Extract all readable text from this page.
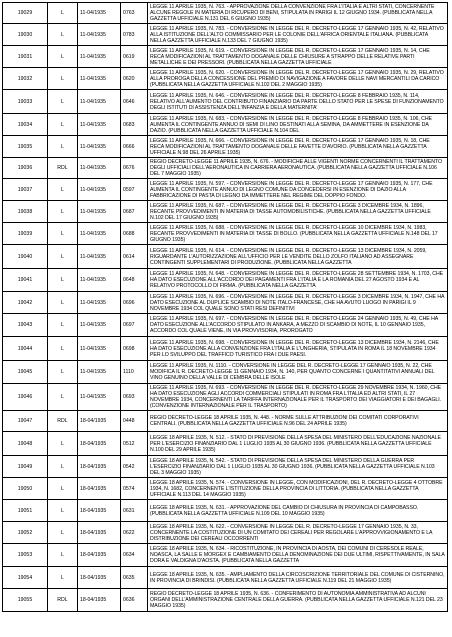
19029	L	11-04/1935	0763	LEGGE 11 APRILE 1935, N. 763. - APPROVAZIONE DELLA CONVENZIONE FRA L'ITALIA E ALTRI STATI, CONCERNENTE ALCUNE REGOLE IN MATERIA DI RICUPERO DI BENI, STIPULATA IN PARIGI IL 12 GIUGNO 1934. (PUBBLICATA NELLA GAZZETTA UFFICIALE N.131 DEL 6 GIUGNO 1935)
19030	L	11-04/1935	0783	LEGGE 11 APRILE 1935, N. 783. - CONVERSIONE IN LEGGE DEL R. DECRETO-LEGGE 17 GENNAIO 1935, N. 42, RELATIVO ALLA ISTITUZIONE DELL'ALTO COMMISSARIO PER LE COLONIE DELL'AFRICA ORIENTALE ITALIANA. (PUBBLICATA NELLA GAZZETTA UFFICIALE N.133 DEL 7 GIUGNO 1935)
19031	L	11-04/1935	0619	LEGGE 11 APRILE 1935, N. 619. - CONVERSIONE IN LEGGE DEL R. DECRETO-LEGGE 17 GENNAIO 1935, N. 14, CHE RECA MODIFICAZIONI AL TRATTAMENTO DOGANALE DELLE CHIUSURE A STRAPPO DELLE RELATIVE PARTI METALLICHE E DEI PRESSORI. (PUBBLICATA NELLA GAZZETTA UFFICIALE
19032	L	11-04/1935	0620	LEGGE 11 APRILE 1935, N. 620. - CONVERSIONE IN LEGGE DEL R. DECRETO-LEGGE 17 GENNAIO 1935, N. 29, RELATIVO ALLA PROROGA DELLA CONCESSIONE DEL PREMIO DI NAVIGAZIONE A FAVORE DELLE NAVI MERCANTILI DA CARICO (PUBBLICATA NELLA GAZZETTA UFFICIALE N.102 DEL 2 MAGGIO 1935)
19033	L	11-04/1935	0646	LEGGE 11 APRILE 1935, N. 646. - CONVERSIONE IN LEGGE DEL R. DECRETO-LEGGE 8 FEBBRAIO 1935, N. 114, RELATIVO ALL'AUMENTO DEL CONTRIBUTO FINANZIARIO DA PARTE DELLO STATO PER LE SPESE DI FUNZIONAMENTO DEGLI ISTITUTI DI ASSISTENZA DELL'INFANZIA E DELLA MATERNITA'
19034	L	11-04/1935	0683	LEGGE 11 APRILE 1935, N. 683. - CONVERSIONE IN LEGGE DEL R. DECRETO-LEGGE 8 FEBBRAIO 1935, N. 106, CHE AUMENTA IL CONTINGENTE ANNUO DI SEMI DI LINO DESTINATI ALLA SEMINA, DA AMMETTERE IN ESENZIONE DA DAZIO. (PUBBLICATA NELLA GAZZETTA UFFICIALE N.104 DEL
19035	L	11-04/1935	0666	LEGGE 11 APRILE 1935, N. 666. - CONVERSIONE IN LEGGE DEL R. DECRETO-LEGGE 17 GENNAIO 1935, N. 18, CHE RECA MODIFICAZIONI AL TRATTAMENTO DOGANALE DELLE FAVETTE D'AVORIO. (PUBBLICATA NELLA GAZZETTA UFFICIALE N.98 DEL 26 APRILE 1935)
19036	RDL	11-04/1935	0676	REGIO DECRETO-LEGGE 11 APRILE 1935, N. 676. - MODIFICHE ALLE VIGENTI NORME CONCERNENTI IL TRATTAMENTO DEGLI UFFICIALI DELL'AERONAUTICA IN CARRIERA AERONAUTICA. (PUBBLICATA NELLA GAZZETTA UFFICIALE N.106 DEL 7 MAGGIO 1935)
19037	L	11-04/1935	0597	LEGGE 11 APRILE 1935, N. 597. - CONVERSIONE IN LEGGE DEL R. DECRETO-LEGGE 17 GENNAIO 1935, N. 177, CHE AUMENTA IL CONTINGENTE ANNUO DI LEGNO COMUNE DA CONCEDERSI IN ESENZIONE DI DAZIO ALLA FABBRICAZIONE DI PASTA DI LEGNO DA IMMETTERE NEL REGIME DEL DOPPIO FONDO.
19038	L	11-04/1935	0687	LEGGE 11 APRILE 1935, N. 687. - CONVERSIONE IN LEGGE DEL R. DECRETO-LEGGE 3 DICEMBRE 1934, N. 1896, RECANTE PROVVEDIMENTI IN MATERIA DI TASSE AUTOMOBILISTICHE. (PUBBLICATA NELLA GAZZETTA UFFICIALE N.102 DEL 17 GIUGNO 1935)
19039	L	11-04/1935	0688	LEGGE 11 APRILE 1935, N. 688. - CONVERSIONE IN LEGGE DEL R. DECRETO-LEGGE 10 DICEMBRE 1934, N. 1983, RECANTE PROVVEDIMENTI IN MATERIA DI TASSE DI BOLLO. (PUBBLICATA NELLA GAZZETTA UFFICIALE N.148 DEL 17 GIUGNO 1935)
19040	L	11-04/1935	0614	LEGGE 11 APRILE 1935, N. 614. - CONVERSIONE IN LEGGE DEL R. DECRETO-LEGGE 13 DICEMBRE 1934, N. 2059, RIGUARDANTE L'AUTORIZZAZIONE ALL'UFFICIO PER LE VENDITE DELLO ZOLFO ITALIANO AD ASSEGNARE CONTINGENTI SUPPLEMENTARI DI PRODUZIONE. (PUBBLICATA NELLA GAZZETTA
19041	L	11-04/1935	0648	LEGGE 11 APRILE 1935, N. 648. - CONVERSIONE IN LEGGE DEL R. DECRETO-LEGGE 28 SETTEMBRE 1934, N. 1703, CHE HA DATO ESECUZIONE ALL'ACCORDO DEI PAGAMENTI FRA L'ITALIA E LA ROMANIA DEL 27 AGOSTO 1934 E AL RELATIVO PROTOCOLLO DI FIRMA. (PUBBLICATA NELLA GAZZETTA
19042	L	11-04/1935	0696	LEGGE 11 APRILE 1935, N. 696. - CONVERSIONE IN LEGGE DEL R. DECRETO-LEGGE 3 DICEMBRE 1934, N. 1947, CHE HA DATO ESECUZIONE AL DUPLICE SCAMBIO DI NOTE ITALO-FRANCESE, CHE HA AVUTO LUOGO IN PARIGI IL 9 NOVEMBRE 1934 COL QUALE SONO STATI RESI DEFINITIVI
19043	L	11-04/1935	0697	LEGGE 11 APRILE 1935, N. 697. - CONVERSIONE IN LEGGE DEL R. DECRETO-LEGGE 24 GENNAIO 1935, N. 49, CHE HA DATO ESECUZIONE ALL'ACCORDO STIPULATO IN ANKARA, A MEZZO DI SCAMBIO DI NOTE, IL 10 GENNAIO 1935, ACCORDO COL QUALE VIENE, IN VIA PROVVISORIA, PROROGATO
19044	L	11-04/1935	0698	LEGGE 11 APRILE 1935, N. 698. - CONVERSIONE IN LEGGE DEL R. DECRETO-LEGGE 13 DICEMBRE 1934, N. 2146, CHE HA DATO ESECUZIONE ALLA CONVENZIONE FRA L'ITALIA E L'UNGHERIA, STIPULATA IN ROMA IL 18 NOVEMBRE 1934 PER LO SVILUPPO DEL TRAFFICO TURISTICO FRA I DUE PAESI.
19045	L	11-04/1935	1110	LEGGE 11 APRILE 1935, N. 1110. - CONVERSIONE IN LEGGE DEL R. DECRETO-LEGGE 17 GENNAIO 1935, N. 22, CHE MODIFICA IL R. DECRETO-LEGGE 11 GENNAIO 1934, N. 140, PER QUANTO CONCERNE I QUANTITATIVI ANNUALI DEL VINO GENUINO DELLA VALLE DI CEMBRA DELLE ISOLE
19046	L	11-04/1935	0693	LEGGE 11 APRILE 1935, N. 693. - CONVERSIONE IN LEGGE DEL R. DECRETO-LEGGE 29 NOVEMBRE 1934, N. 1960, CHE HA DATO ESECUZIONE AGLI ACCORDI COMMERCIALI STIPULATI IN ROMA FRA L'ITALIA ED ALTRI STATI, IL 27 NOVEMBRE 1934, CONCERNENTI LA TARIFFA INTERNAZIONALE PER IL TRASPORTO DEI VIAGGIATORI E DEI BAGAGLI. (CONVENZIONE INTERNAZIONALE PER IL TRASPORTO)
19047	RDL	18-04/1935	0448	REGIO DECRETO-LEGGE 18 APRILE 1935, N. 448. - NORME SULLE ATTRIBUZIONI DEI COMITATI CORPORATIVI CENTRALI. (PUBBLICATA NELLA GAZZETTA UFFICIALE N.96 DEL 24 APRILE 1935)
19048	L	18-04/1935	0512	LEGGE 18 APRILE 1935, N. 512. - STATO DI PREVISIONE DELLA SPESA DEL MINISTERO DELL'EDUCAZIONE NAZIONALE PER L'ESERCIZIO FINANZIARIO DAL 1 LUGLIO 1935 AL 30 GIUGNO 1936. (PUBBLICATA NELLA GAZZETTA UFFICIALE N.100 DEL 29 APRILE 1935)
19049	L	18-04/1935	0542	LEGGE 18 APRILE 1935, N. 542. - STATO DI PREVISIONE DELLA SPESA DEL MINISTERO DELLA GUERRA PER L'ESERCIZIO FINANZIARIO DAL 1 LUGLIO 1935 AL 30 GIUGNO 1936. (PUBBLICATA NELLA GAZZETTA UFFICIALE N.103 DEL 3 MAGGIO 1935)
19050	L	18-04/1935	0574	LEGGE 18 APRILE 1935, N. 574. - CONVERSIONE IN LEGGE, CON MODIFICAZIONI, DEL R. DECRETO-LEGGE 4 OTTOBRE 1934, N. 1682, CONCERNENTE L'ISTITUZIONE DELLA PROVINCIA DI LITTORIA. (PUBBLICATA NELLA GAZZETTA UFFICIALE N.113 DEL 14 MAGGIO 1935)
19051	L	18-04/1935	0631	LEGGE 18 APRILE 1935, N. 631. - APPROVAZIONE DEL CAMBIO DI CHIUSURA IN PROVINCIA DI CAMPOBASSO. (PUBBLICATA NELLA GAZZETTA UFFICIALE N.109 DEL 10 MAGGIO 1935)
19052	L	18-04/1935	0622	LEGGE 18 APRILE 1935, N. 622. - CONVERSIONE IN LEGGE DEL R. DECRETO-LEGGE 17 GENNAIO 1935, N. 33, CONCERNENTE LA COSTITUZIONE DI UN COMITATO DEI CEREALI PER REGOLARE L'APPROVVIGIONAMENTO E LA DISTRIBUZIONE DEI CEREALI OCCORRENTI
19053	L	18-04/1935	0634	LEGGE 18 APRILE 1935, N. 634. - RICOSTITUZIONE, IN PROVINCIA DI AOSTA, DEI COMUNI DI CERESOLE REALE, NOASCA, LA SALLE E MORGEX E CAMBIAMENTO DELLA DENOMINAZIONE DEI DUE ULTIMI, RISPETTIVAMENTE, IN SALA DORA E VALDIGNA D'AOSTA. (PUBBLICATA NELLA GAZZETTA
19054	L	18-04/1935	0635	LEGGE 18 APRILE 1935, N. 635. - AMPLIAMENTO DELLA CIRCOSCRIZIONE TERRITORIALE DEL COMUNE DI CISTERNINO, IN PROVINCIA DI BRINDISI. (PUBBLICATA NELLA GAZZETTA UFFICIALE N.119 DEL 21 MAGGIO 1935)
19055	RDL	18-04/1935	0636	REGIO DECRETO-LEGGE 18 APRILE 1935, N. 636. - CONFERIMENTO DI AUTONOMIA AMMINISTRATIVA AD ALCUNI ORGANI DELL'AMMINISTRAZIONE CENTRALE DELLA GUERRA. (PUBBLICATA NELLA GAZZETTA UFFICIALE N.121 DEL 23 MAGGIO 1935)
